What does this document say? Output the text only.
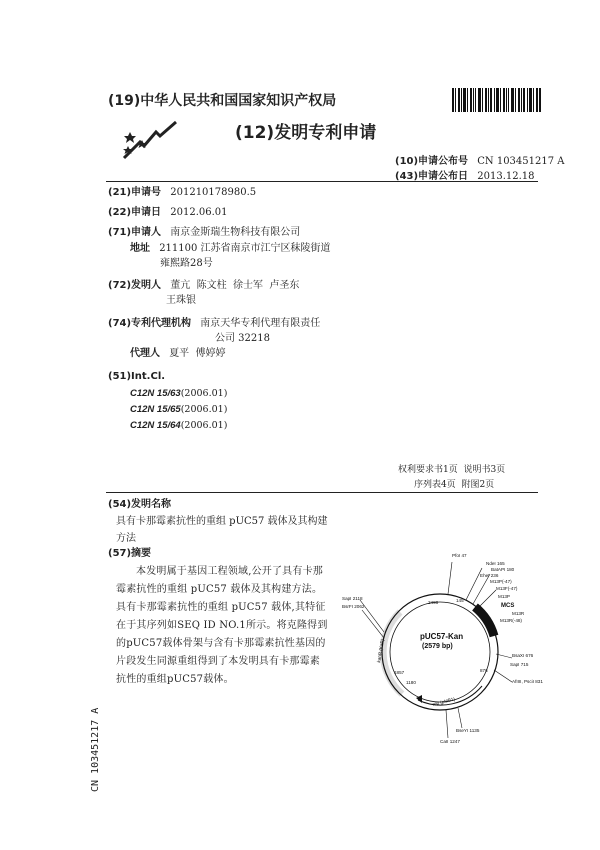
(19)中华人民共和国国家知识产权局
(12)发明专利申请
(10)申请公布号 CN 103451217 A
(43)申请公布日 2013.12.18
(21)申请号 201210178980.5
(22)申请日 2012.06.01
(71)申请人 南京金斯瑞生物科技有限公司
地址 211100 江苏省南京市江宁区秣陵街道
雍熙路28号
(72)发明人 董亢  陈文柱  徐士军  卢圣东
王珠银
(74)专利代理机构 南京天华专利代理有限责任
公司 32218
代理人 夏平  傅婷婷
(51)Int.Cl.
C12N 15/63(2006.01)
C12N 15/65(2006.01)
C12N 15/64(2006.01)
权利要求书1页  说明书3页
序列表4页  附图2页
(54)发明名称
具有卡那霉素抗性的重组 pUC57 载体及其构建方法
(57)摘要
本发明属于基因工程领域,公开了具有卡那霉素抗性的重组 pUC57 载体及其构建方法。具有卡那霉素抗性的重组 pUC57 载体,其特征在于其序列如SEQ ID NO.1所示。将克隆得到的pUC57载体骨架与含有卡那霉素抗性基因的片段发生同源重组得到了本发明具有卡那霉素抗性的重组pUC57载体。
pUC57-Kan
(2579 bp)
PfoI 47
NdeI 165
BatAPI 180
M13P(-47)
EheI 236
M13F(-47)
M13P
MCS
M13R
M13R(-48)
BsaXI 676
SapI 715
AfIIII, PsciI 831
BseYI 1135
CaII 1247
SapI 2118
BsrFI 2062
kanR (KaP)
rep (pMB1)
2498	145
1857	876
1180
CN 103451217 A
